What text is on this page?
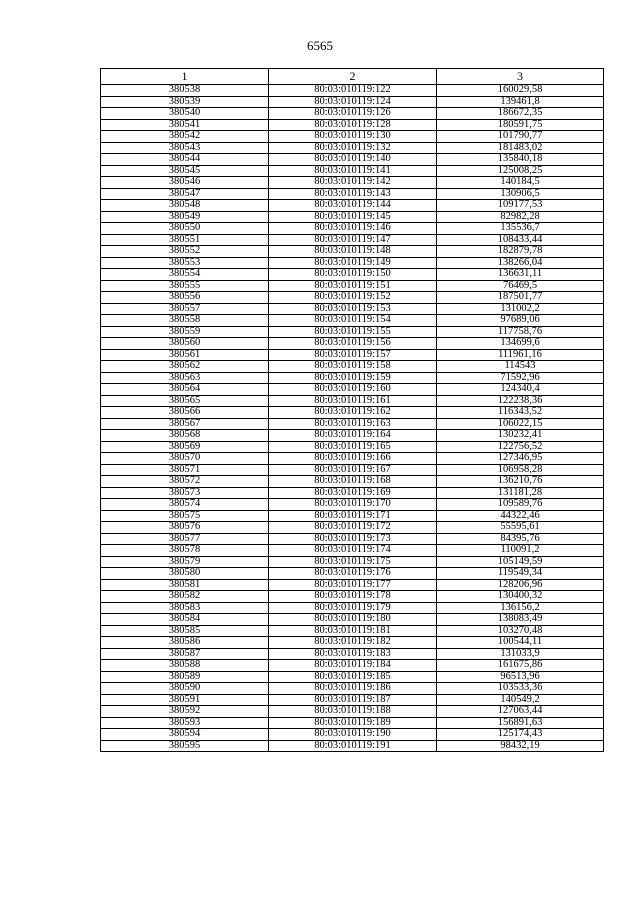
6565
1	2	3
380538	80:03:010119:122	160029,58
380539	80:03:010119:124	139461,8
380540	80:03:010119:126	186672,35
380541	80:03:010119:128	180591,75
380542	80:03:010119:130	101790,77
380543	80:03:010119:132	181483,02
380544	80:03:010119:140	135840,18
380545	80:03:010119:141	125008,25
380546	80:03:010119:142	140184,5
380547	80:03:010119:143	130906,5
380548	80:03:010119:144	109177,53
380549	80:03:010119:145	82982,28
380550	80:03:010119:146	135536,7
380551	80:03:010119:147	108433,44
380552	80:03:010119:148	182879,78
380553	80:03:010119:149	138266,04
380554	80:03:010119:150	136631,11
380555	80:03:010119:151	76469,5
380556	80:03:010119:152	187501,77
380557	80:03:010119:153	131002,2
380558	80:03:010119:154	97689,06
380559	80:03:010119:155	117758,76
380560	80:03:010119:156	134699,6
380561	80:03:010119:157	111961,16
380562	80:03:010119:158	114543
380563	80:03:010119:159	71592,96
380564	80:03:010119:160	124340,4
380565	80:03:010119:161	122238,36
380566	80:03:010119:162	116343,52
380567	80:03:010119:163	106022,15
380568	80:03:010119:164	130232,41
380569	80:03:010119:165	122756,52
380570	80:03:010119:166	127346,95
380571	80:03:010119:167	106958,28
380572	80:03:010119:168	136210,76
380573	80:03:010119:169	131181,28
380574	80:03:010119:170	109589,76
380575	80:03:010119:171	44322,46
380576	80:03:010119:172	55595,61
380577	80:03:010119:173	84395,76
380578	80:03:010119:174	110091,2
380579	80:03:010119:175	105149,59
380580	80:03:010119:176	119549,34
380581	80:03:010119:177	128206,96
380582	80:03:010119:178	130400,32
380583	80:03:010119:179	136156,2
380584	80:03:010119:180	138083,49
380585	80:03:010119:181	103270,48
380586	80:03:010119:182	100544,11
380587	80:03:010119:183	131033,9
380588	80:03:010119:184	161675,86
380589	80:03:010119:185	96513,96
380590	80:03:010119:186	103533,36
380591	80:03:010119:187	140549,2
380592	80:03:010119:188	127063,44
380593	80:03:010119:189	156891,63
380594	80:03:010119:190	125174,43
380595	80:03:010119:191	98432,19
